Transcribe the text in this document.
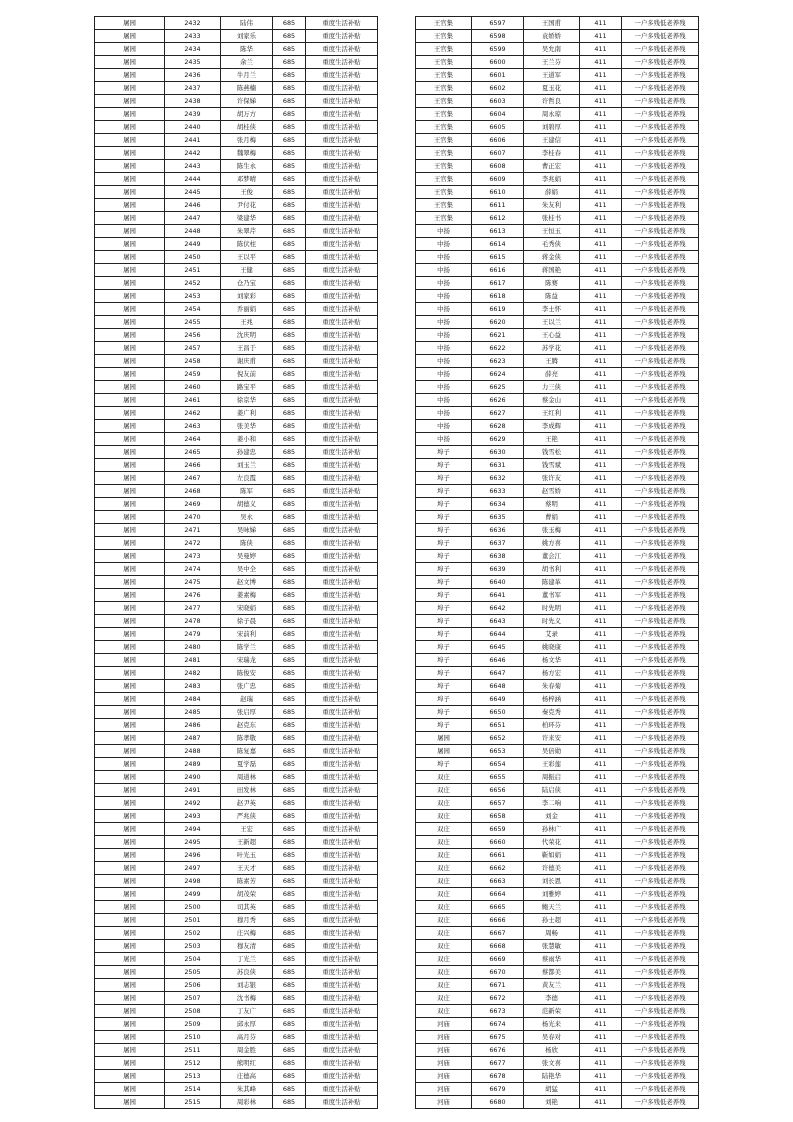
屠园	2432	陆伟	685	重度生活补贴
屠园	2433	刘家乐	685	重度生活补贴
屠园	2434	陈华	685	重度生活补贴
屠园	2435	余兰	685	重度生活补贴
屠园	2436	牛月兰	685	重度生活补贴
屠园	2437	陈燕楠	685	重度生活补贴
屠园	2438	许保娣	685	重度生活补贴
屠园	2439	胡万方	685	重度生活补贴
屠园	2440	胡桂侠	685	重度生活补贴
屠园	2441	张月梅	685	重度生活补贴
屠园	2442	魏翠梅	685	重度生活补贴
屠园	2443	陈生永	685	重度生活补贴
屠园	2444	邓梦晴	685	重度生活补贴
屠园	2445	王俊	685	重度生活补贴
屠园	2446	尹付花	685	重度生活补贴
屠园	2447	梁建华	685	重度生活补贴
屠园	2448	朱翠芹	685	重度生活补贴
屠园	2449	陈伏柱	685	重度生活补贴
屠园	2450	王以平	685	重度生活补贴
屠园	2451	王健	685	重度生活补贴
屠园	2452	仓乃宝	685	重度生活补贴
屠园	2453	刘家彩	685	重度生活补贴
屠园	2454	乔丽娟	685	重度生活补贴
屠园	2455	王兆	685	重度生活补贴
屠园	2456	沈庆明	685	重度生活补贴
屠园	2457	王昌于	685	重度生活补贴
屠园	2458	谢庆甫	685	重度生活补贴
屠园	2459	倪友前	685	重度生活补贴
屠园	2460	路宝平	685	重度生活补贴
屠园	2461	徐京华	685	重度生活补贴
屠园	2462	姜广利	685	重度生活补贴
屠园	2463	张美华	685	重度生活补贴
屠园	2464	姜小和	685	重度生活补贴
屠园	2465	孙建忠	685	重度生活补贴
屠园	2466	刘玉兰	685	重度生活补贴
屠园	2467	左良霞	685	重度生活补贴
屠园	2468	陈军	685	重度生活补贴
屠园	2469	胡德义	685	重度生活补贴
屠园	2470	吴永	685	重度生活补贴
屠园	2471	吴咏娣	685	重度生活补贴
屠园	2472	陈侠	685	重度生活补贴
屠园	2473	吴曼婷	685	重度生活补贴
屠园	2474	吴中全	685	重度生活补贴
屠园	2475	赵文博	685	重度生活补贴
屠园	2476	姜素梅	685	重度生活补贴
屠园	2477	宋晓娟	685	重度生活补贴
屠园	2478	徐子晨	685	重度生活补贴
屠园	2479	宋前利	685	重度生活补贴
屠园	2480	陈学兰	685	重度生活补贴
屠园	2481	宋瑞龙	685	重度生活补贴
屠园	2482	陈俊安	685	重度生活补贴
屠园	2483	张广忠	685	重度生活补贴
屠园	2484	赵瑞	685	重度生活补贴
屠园	2485	张启厚	685	重度生活补贴
屠园	2486	赵克东	685	重度生活补贴
屠园	2487	陈孝敬	685	重度生活补贴
屠园	2488	陈复嘉	685	重度生活补贴
屠园	2489	夏学磊	685	重度生活补贴
屠园	2490	周道林	685	重度生活补贴
屠园	2491	田发林	685	重度生活补贴
屠园	2492	赵尹英	685	重度生活补贴
屠园	2493	严兆侠	685	重度生活补贴
屠园	2494	王宏	685	重度生活补贴
屠园	2495	王新超	685	重度生活补贴
屠园	2496	叶光玉	685	重度生活补贴
屠园	2497	王天才	685	重度生活补贴
屠园	2498	陈素芳	685	重度生活补贴
屠园	2499	胡茂荣	685	重度生活补贴
屠园	2500	司其英	685	重度生活补贴
屠园	2501	穆月秀	685	重度生活补贴
屠园	2502	庄兴梅	685	重度生活补贴
屠园	2503	穆友清	685	重度生活补贴
屠园	2504	丁光兰	685	重度生活补贴
屠园	2505	苏良侠	685	重度生活补贴
屠园	2506	刘志银	685	重度生活补贴
屠园	2507	沈书梅	685	重度生活补贴
屠园	2508	丁友广	685	重度生活补贴
屠园	2509	邱永厚	685	重度生活补贴
屠园	2510	高月芬	685	重度生活补贴
屠园	2511	周金胜	685	重度生活补贴
屠园	2512	熊明红	685	重度生活补贴
屠园	2513	庄德高	685	重度生活补贴
屠园	2514	朱其峰	685	重度生活补贴
屠园	2515	周彩林	685	重度生活补贴
王官集	6597	王国甫	411	一户多残低老养残
王官集	6598	袁娇娇	411	一户多残低老养残
王官集	6599	吴允南	411	一户多残低老养残
王官集	6600	王兰芬	411	一户多残低老养残
王官集	6601	王道军	411	一户多残低老养残
王官集	6602	夏玉花	411	一户多残低老养残
王官集	6603	许哲良	411	一户多残低老养残
王官集	6604	周永琼	411	一户多残低老养残
王官集	6605	刘碧厚	411	一户多残低老养残
王官集	6606	王建信	411	一户多残低老养残
王官集	6607	李桂春	411	一户多残低老养残
王官集	6608	曹正宏	411	一户多残低老养残
王官集	6609	李兆娟	411	一户多残低老养残
王官集	6610	薛娟	411	一户多残低老养残
王官集	6611	朱友利	411	一户多残低老养残
王官集	6612	张桂书	411	一户多残低老养残
中扬	6613	王恒玉	411	一户多残低老养残
中扬	6614	毛秀侠	411	一户多残低老养残
中扬	6615	蒋金侠	411	一户多残低老养残
中扬	6616	蒋国艳	411	一户多残低老养残
中扬	6617	陈赛	411	一户多残低老养残
中扬	6618	陈益	411	一户多残低老养残
中扬	6619	李士怀	411	一户多残低老养残
中扬	6620	王以兰	411	一户多残低老养残
中扬	6621	王心益	411	一户多残低老养残
中扬	6622	苏学花	411	一户多残低老养残
中扬	6623	王腾	411	一户多残低老养残
中扬	6624	薛亮	411	一户多残低老养残
中扬	6625	力三侠	411	一户多残低老养残
中扬	6626	蔡金山	411	一户多残低老养残
中扬	6627	王红利	411	一户多残低老养残
中扬	6628	李成辉	411	一户多残低老养残
中扬	6629	王艳	411	一户多残低老养残
埠子	6630	钱雪松	411	一户多残低老养残
埠子	6631	钱雪斌	411	一户多残低老养残
埠子	6632	张许友	411	一户多残低老养残
埠子	6633	赵雪娇	411	一户多残低老养残
埠子	6634	蔡明	411	一户多残低老养残
埠子	6635	曹娟	411	一户多残低老养残
埠子	6636	张玉梅	411	一户多残低老养残
埠子	6637	姚方喜	411	一户多残低老养残
埠子	6638	董会江	411	一户多残低老养残
埠子	6639	胡书利	411	一户多残低老养残
埠子	6640	陈建革	411	一户多残低老养残
埠子	6641	董书军	411	一户多残低老养残
埠子	6642	时先明	411	一户多残低老养残
埠子	6643	时先义	411	一户多残低老养残
埠子	6644	艾录	411	一户多残低老养残
埠子	6645	姚晓康	411	一户多残低老养残
埠子	6646	杨文华	411	一户多残低老养残
埠子	6647	杨方宏	411	一户多残低老养残
埠子	6648	朱春菊	411	一户多残低老养残
埠子	6649	杨梓涵	411	一户多残低老养残
埠子	6650	秦克秀	411	一户多残低老养残
埠子	6651	柏环芬	411	一户多残低老养残
屠园	6652	许来安	411	一户多残低老养残
屠园	6653	吴倍勋	411	一户多残低老养残
埠子	6654	王彩莲	411	一户多残低老养残
双庄	6655	周振启	411	一户多残低老养残
双庄	6656	陆启侠	411	一户多残低老养残
双庄	6657	李二响	411	一户多残低老养残
双庄	6658	刘金	411	一户多残低老养残
双庄	6659	孙林广	411	一户多残低老养残
双庄	6660	代荣花	411	一户多残低老养残
双庄	6661	靳如娟	411	一户多残低老养残
双庄	6662	许德美	411	一户多残低老养残
双庄	6663	刘长恩	411	一户多残低老养残
双庄	6664	刘雅婷	411	一户多残低老养残
双庄	6665	鲍天兰	411	一户多残低老养残
双庄	6666	孙士超	411	一户多残低老养残
双庄	6667	周畅	411	一户多残低老养残
双庄	6668	张慧敏	411	一户多残低老养残
双庄	6669	蔡雨华	411	一户多残低老养残
双庄	6670	蔡都美	411	一户多残低老养残
双庄	6671	黄友兰	411	一户多残低老养残
双庄	6672	李德	411	一户多残低老养残
双庄	6673	范新荣	411	一户多残低老养残
河庙	6674	杨光来	411	一户多残低老养残
河庙	6675	吴春对	411	一户多残低老养残
河庙	6676	杨欣	411	一户多残低老养残
河庙	6677	张文喜	411	一户多残低老养残
河庙	6678	陆艳华	411	一户多残低老养残
河庙	6679	胡猛	411	一户多残低老养残
河庙	6680	刘艳	411	一户多残低老养残
